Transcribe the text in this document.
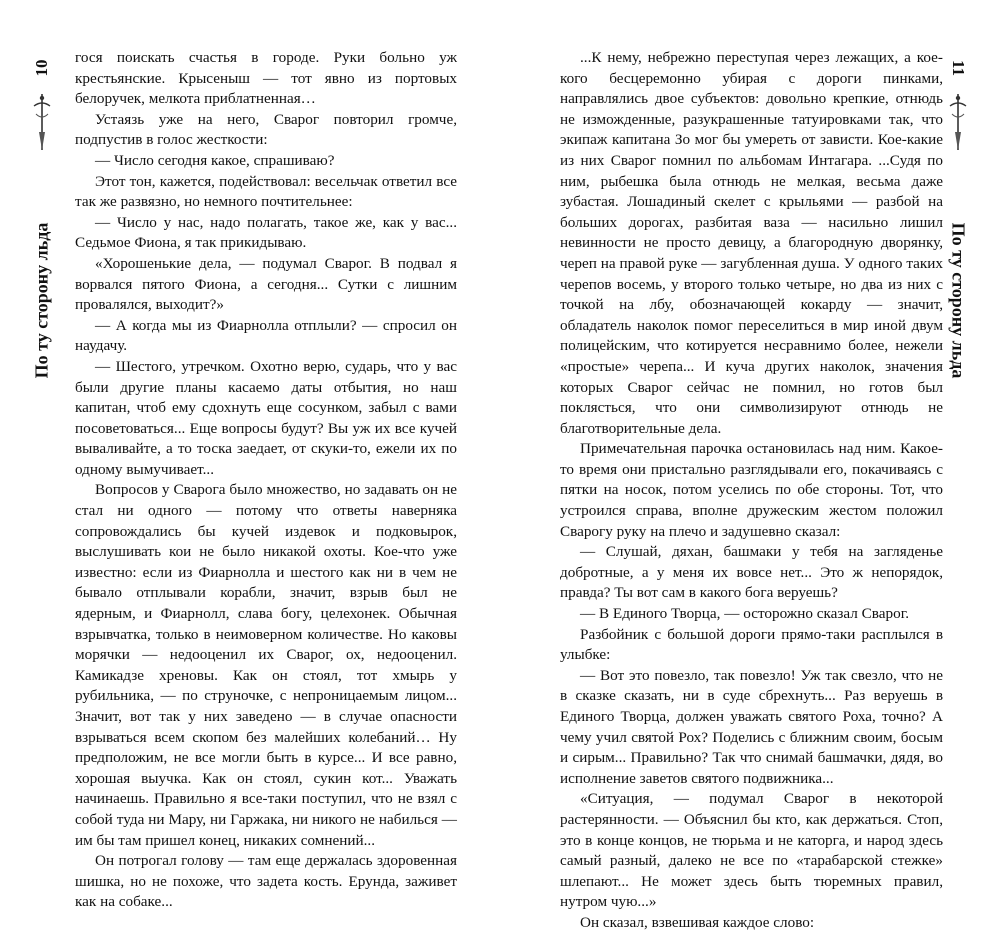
10
По ту сторону льда

гося поискать счастья в городе. Руки больно уж крестьянские. Крысеныш — тот явно из портовых белоручек, мелкота приблатненная…

Устаязь уже на него, Сварог повторил громче, подпустив в голос жесткости:

— Число сегодня какое, спрашиваю?

Этот тон, кажется, подействовал: весельчак ответил все так же развязно, но немного почтительнее:

— Число у нас, надо полагать, такое же, как у вас... Седьмое Фиона, я так прикидываю.

«Хорошенькие дела, — подумал Сварог. В подвал я ворвался пятого Фиона, а сегодня... Сутки с лишним провалялся, выходит?»

— А когда мы из Фиарнолла отплыли? — спросил он наудачу.

— Шестого, утречком. Охотно верю, сударь, что у вас были другие планы касаемо даты отбытия, но наш капитан, чтоб ему сдохнуть еще сосунком, забыл с вами посоветоваться... Еще вопросы будут? Вы уж их все кучей вываливайте, а то тоска заедает, от скуки-то, ежели их по одному вымучивает...

Вопросов у Сварога было множество, но задавать он не стал ни одного — потому что ответы наверняка сопровождались бы кучей издевок и подковырок, выслушивать кои не было никакой охоты. Кое-что уже известно: если из Фиарнолла и шестого как ни в чем не бывало отплывали корабли, значит, взрыв был не ядерным, и Фиарнолл, слава богу, целехонек. Обычная взрывчатка, только в неимоверном количестве. Но каковы морячки — недооценил их Сварог, ох, недооценил. Камикадзе хреновы. Как он стоял, тот хмырь у рубильника, — по струночке, с непроницаемым лицом... Значит, вот так у них заведено — в случае опасности взрываться всем скопом без малейших колебаний… Ну предположим, не все могли быть в курсе... И все равно, хорошая выучка. Как он стоял, сукин кот... Уважать начинаешь. Правильно я все-таки поступил, что не взял с собой туда ни Мару, ни Гаржака, ни никого не набилься — им бы там пришел конец, никаких сомнений...

Он потрогал голову — там еще держалась здоровенная шишка, но не похоже, что задета кость. Ерунда, заживет как на собаке...

11
По ту сторону льда

...К нему, небрежно переступая через лежащих, а кое-кого бесцеремонно убирая с дороги пинками, направлялись двое субъектов: довольно крепкие, отнюдь не изможденные, разукрашенные татуировками так, что экипаж капитана Зо мог бы умереть от зависти. Кое-какие из них Сварог помнил по альбомам Интагара. ...Судя по ним, рыбешка была отнюдь не мелкая, весьма даже зубастая. Лошадиный скелет с крыльями — разбой на больших дорогах, разбитая ваза — насильно лишил невинности не просто девицу, а благородную дворянку, череп на правой руке — загубленная душа. У одного таких черепов восемь, у второго только четыре, но два из них с точкой на лбу, обозначающей кокарду — значит, обладатель наколок помог переселиться в мир иной двум полицейским, что котируется несравнимо более, нежели «простые» черепа... И куча других наколок, значения которых Сварог сейчас не помнил, но готов был поклясться, что они символизируют отнюдь не благотворительные дела.

Примечательная парочка остановилась над ним. Какое-то время они пристально разглядывали его, покачиваясь с пятки на носок, потом уселись по обе стороны. Тот, что устроился справа, вполне дружеским жестом положил Сварогу руку на плечо и задушевно сказал:

— Слушай, дяхан, башмаки у тебя на загляденье добротные, а у меня их вовсе нет... Это ж непорядок, правда? Ты вот сам в какого бога веруешь?

— В Единого Творца, — осторожно сказал Сварог.

Разбойник с большой дороги прямо-таки расплылся в улыбке:

— Вот это повезло, так повезло! Уж так свезло, что не в сказке сказать, ни в суде сбрехнуть... Раз веруешь в Единого Творца, должен уважать святого Роха, точно? А чему учил святой Рох? Поделись с ближним своим, босым и сирым... Правильно? Так что снимай башмачки, дядя, во исполнение заветов святого подвижника...

«Ситуация, — подумал Сварог в некоторой растерянности. — Объяснил бы кто, как держаться. Стоп, это в конце концов, не тюрьма и не каторга, и народ здесь самый разный, далеко не все по «тарабарской стежке» шлепают... Не может здесь быть тюремных правил, нутром чую...»

Он сказал, взвешивая каждое слово:
